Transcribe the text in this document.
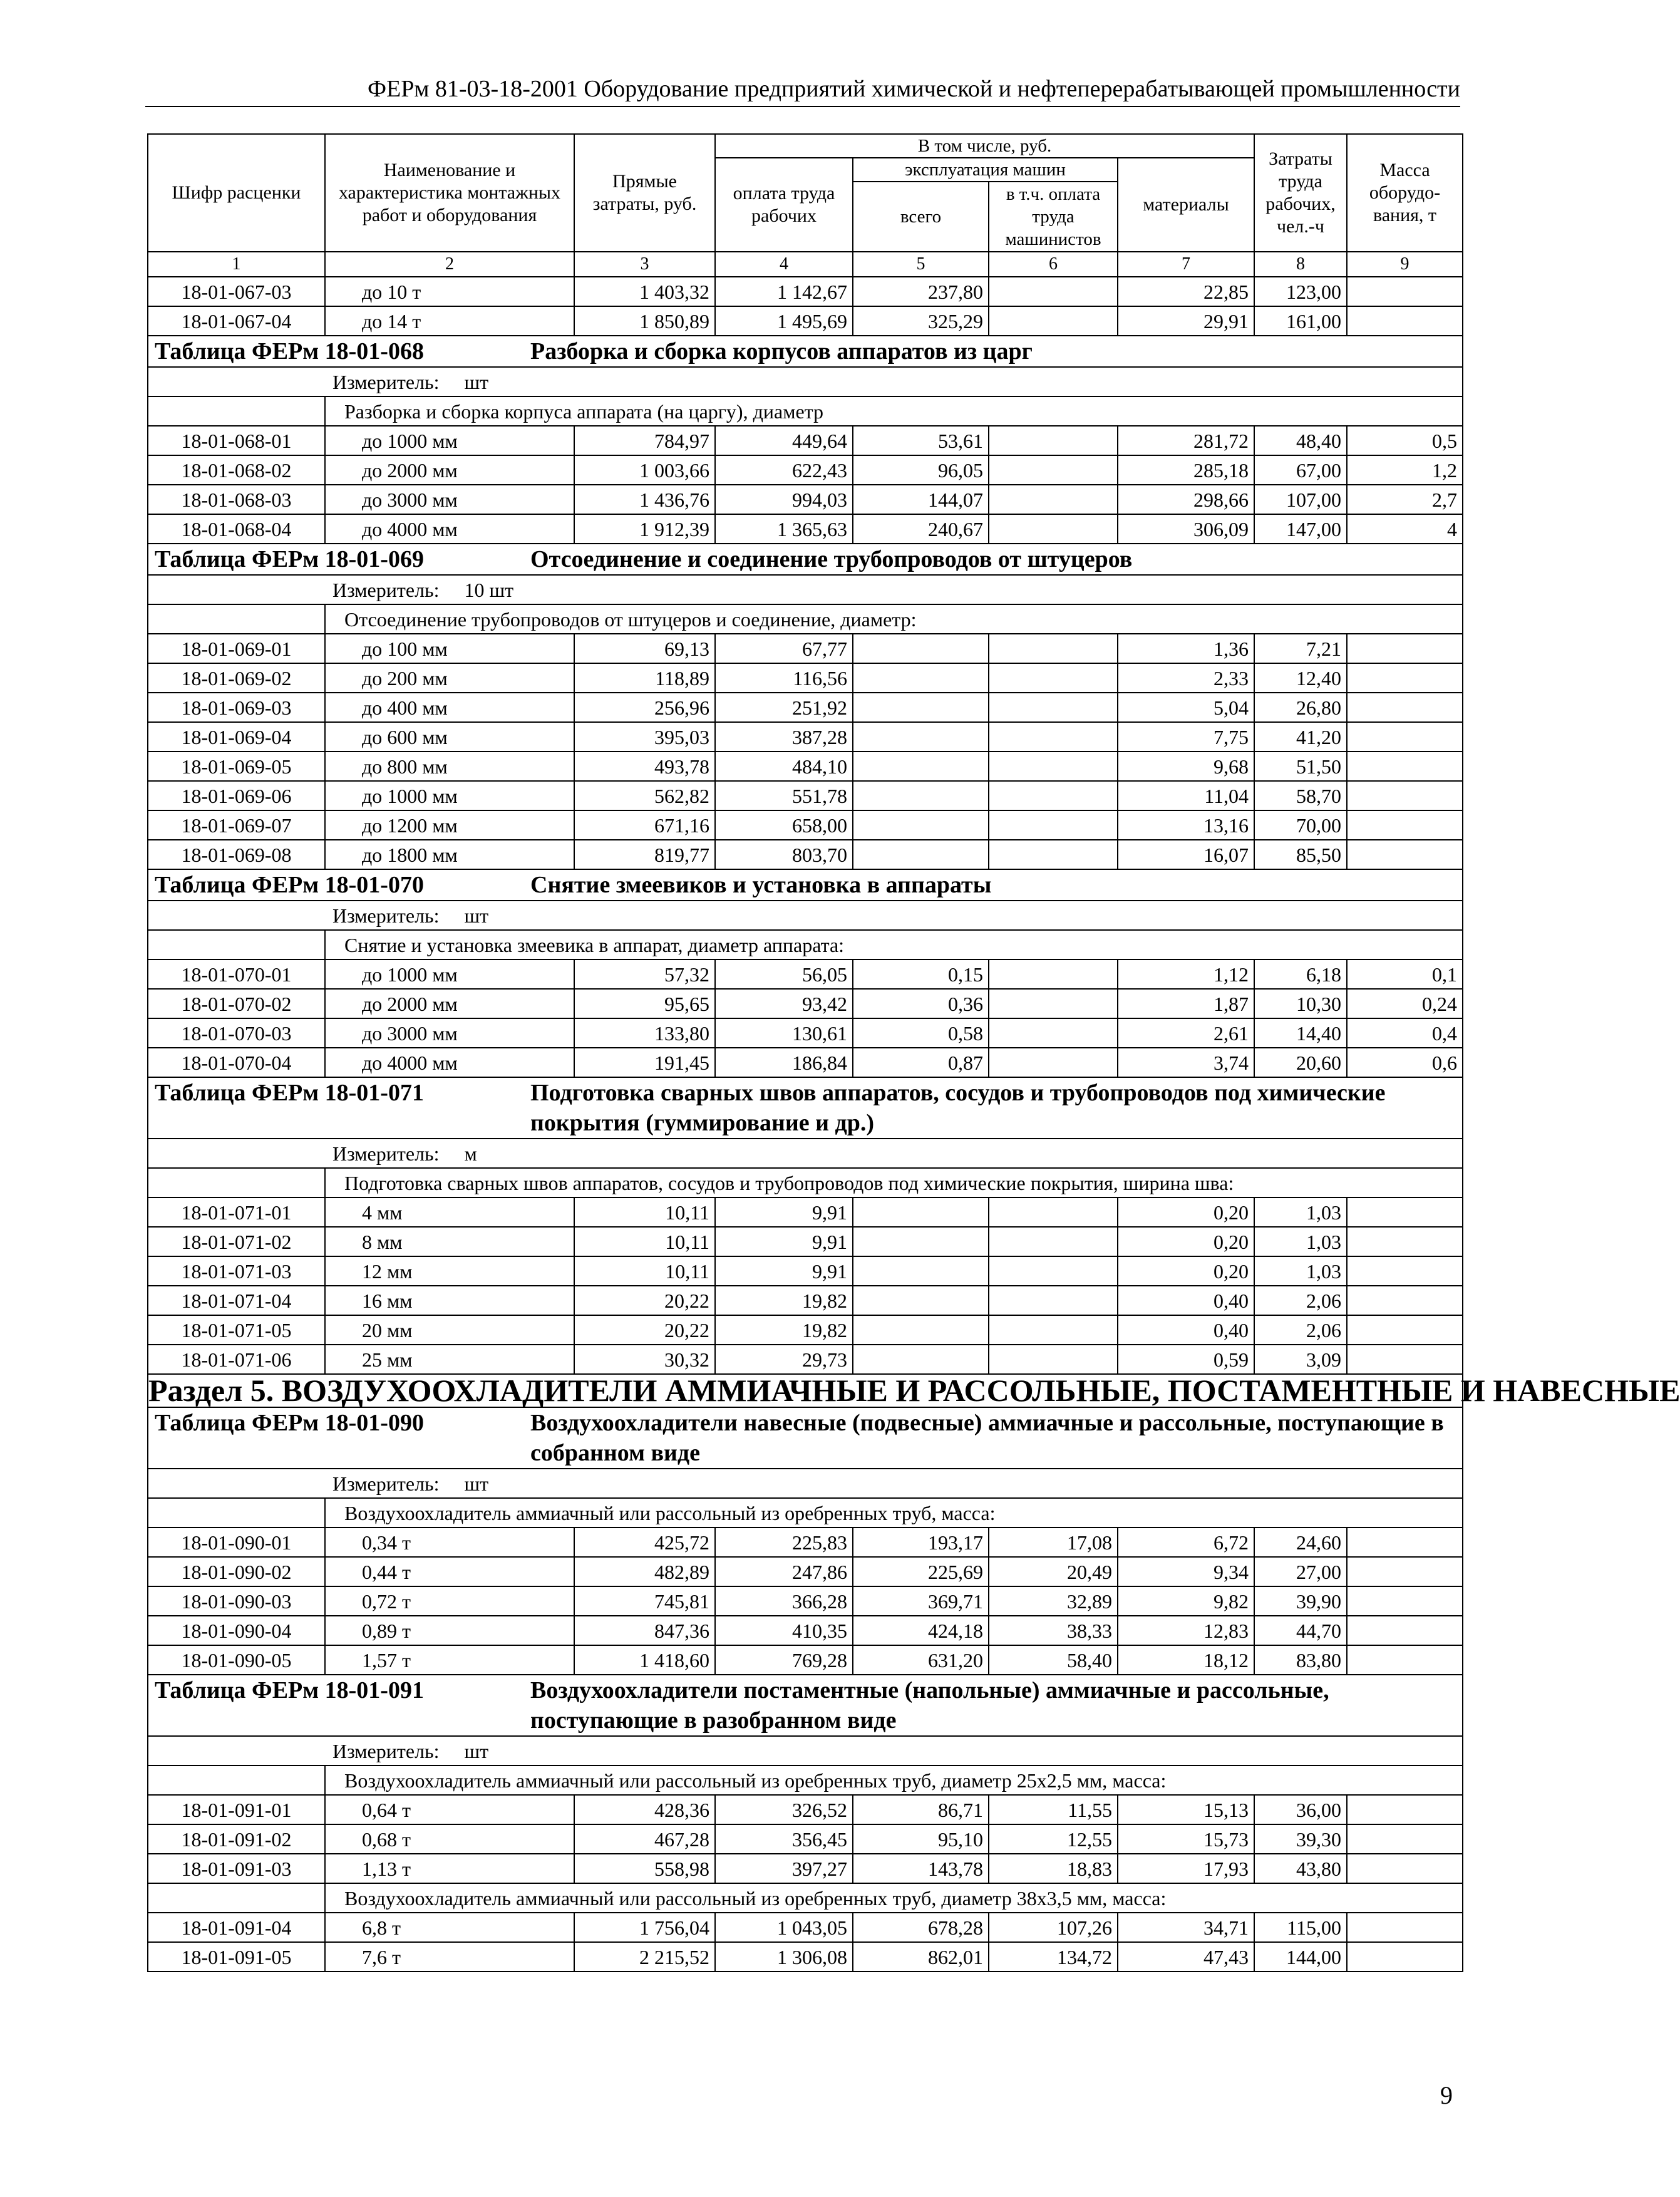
ФЕРм 81-03-18-2001 Оборудование предприятий химической и нефтеперерабатывающей промышленности
Шифр расценки	Наименование и характеристика монтажных работ и оборудования	Прямые затраты, руб.	В том числе, руб.				Затраты труда рабочих, чел.-ч	Масса оборудо-вания, т
			оплата труда рабочих	эксплуатация машин		материалы		
				всего	в т.ч. оплата труда машинистов			
1	2	3	4	5	6	7	8	9
18-01-067-03	до 10 т	1 403,32	1 142,67	237,80		22,85	123,00	
18-01-067-04	до 14 т	1 850,89	1 495,69	325,29		29,91	161,00	

Таблица ФЕРм 18-01-068 Разборка и сборка корпусов аппаратов из царг								

Измеритель: шт								

	Разборка и сборка корпуса аппарата (на царгу), диаметр							
18-01-068-01	до 1000 мм	784,97	449,64	53,61		281,72	48,40	0,5
18-01-068-02	до 2000 мм	1 003,66	622,43	96,05		285,18	67,00	1,2
18-01-068-03	до 3000 мм	1 436,76	994,03	144,07		298,66	107,00	2,7
18-01-068-04	до 4000 мм	1 912,39	1 365,63	240,67		306,09	147,00	4

Таблица ФЕРм 18-01-069 Отсоединение и соединение трубопроводов от штуцеров								

Измеритель: 10 шт								

	Отсоединение трубопроводов от штуцеров и соединение, диаметр:							
18-01-069-01	до 100 мм	69,13	67,77			1,36	7,21	
18-01-069-02	до 200 мм	118,89	116,56			2,33	12,40	
18-01-069-03	до 400 мм	256,96	251,92			5,04	26,80	
18-01-069-04	до 600 мм	395,03	387,28			7,75	41,20	
18-01-069-05	до 800 мм	493,78	484,10			9,68	51,50	
18-01-069-06	до 1000 мм	562,82	551,78			11,04	58,70	
18-01-069-07	до 1200 мм	671,16	658,00			13,16	70,00	
18-01-069-08	до 1800 мм	819,77	803,70			16,07	85,50	

Таблица ФЕРм 18-01-070 Снятие змеевиков и установка в аппараты								

Измеритель: шт								

	Снятие и установка змеевика в аппарат, диаметр аппарата:							
18-01-070-01	до 1000 мм	57,32	56,05	0,15		1,12	6,18	0,1
18-01-070-02	до 2000 мм	95,65	93,42	0,36		1,87	10,30	0,24
18-01-070-03	до 3000 мм	133,80	130,61	0,58		2,61	14,40	0,4
18-01-070-04	до 4000 мм	191,45	186,84	0,87		3,74	20,60	0,6

Таблица ФЕРм 18-01-071 Подготовка сварных швов аппаратов, сосудов и трубопроводов под химические покрытия (гуммирование и др.)								

Измеритель: м								

	Подготовка сварных швов аппаратов, сосудов и трубопроводов под химические покрытия, ширина шва:							
18-01-071-01	4 мм	10,11	9,91			0,20	1,03	
18-01-071-02	8 мм	10,11	9,91			0,20	1,03	
18-01-071-03	12 мм	10,11	9,91			0,20	1,03	
18-01-071-04	16 мм	20,22	19,82			0,40	2,06	
18-01-071-05	20 мм	20,22	19,82			0,40	2,06	
18-01-071-06	25 мм	30,32	29,73			0,59	3,09	
Раздел 5. ВОЗДУХООХЛАДИТЕЛИ АММИАЧНЫЕ И РАССОЛЬНЫЕ, ПОСТАМЕНТНЫЕ И НАВЕСНЫЕ								

Таблица ФЕРм 18-01-090 Воздухоохладители навесные (подвесные) аммиачные и рассольные, поступающие в собранном виде								

Измеритель: шт								

	Воздухоохладитель аммиачный или рассольный из оребренных труб, масса:							
18-01-090-01	0,34 т	425,72	225,83	193,17	17,08	6,72	24,60	
18-01-090-02	0,44 т	482,89	247,86	225,69	20,49	9,34	27,00	
18-01-090-03	0,72 т	745,81	366,28	369,71	32,89	9,82	39,90	
18-01-090-04	0,89 т	847,36	410,35	424,18	38,33	12,83	44,70	
18-01-090-05	1,57 т	1 418,60	769,28	631,20	58,40	18,12	83,80	

Таблица ФЕРм 18-01-091 Воздухоохладители постаментные (напольные) аммиачные и рассольные, поступающие в разобранном виде								

Измеритель: шт								

	Воздухоохладитель аммиачный или рассольный из оребренных труб, диаметр 25х2,5 мм, масса:							
18-01-091-01	0,64 т	428,36	326,52	86,71	11,55	15,13	36,00	
18-01-091-02	0,68 т	467,28	356,45	95,10	12,55	15,73	39,30	
18-01-091-03	1,13 т	558,98	397,27	143,78	18,83	17,93	43,80	
	Воздухоохладитель аммиачный или рассольный из оребренных труб, диаметр 38х3,5 мм, масса:							
18-01-091-04	6,8 т	1 756,04	1 043,05	678,28	107,26	34,71	115,00	
18-01-091-05	7,6 т	2 215,52	1 306,08	862,01	134,72	47,43	144,00	
9
